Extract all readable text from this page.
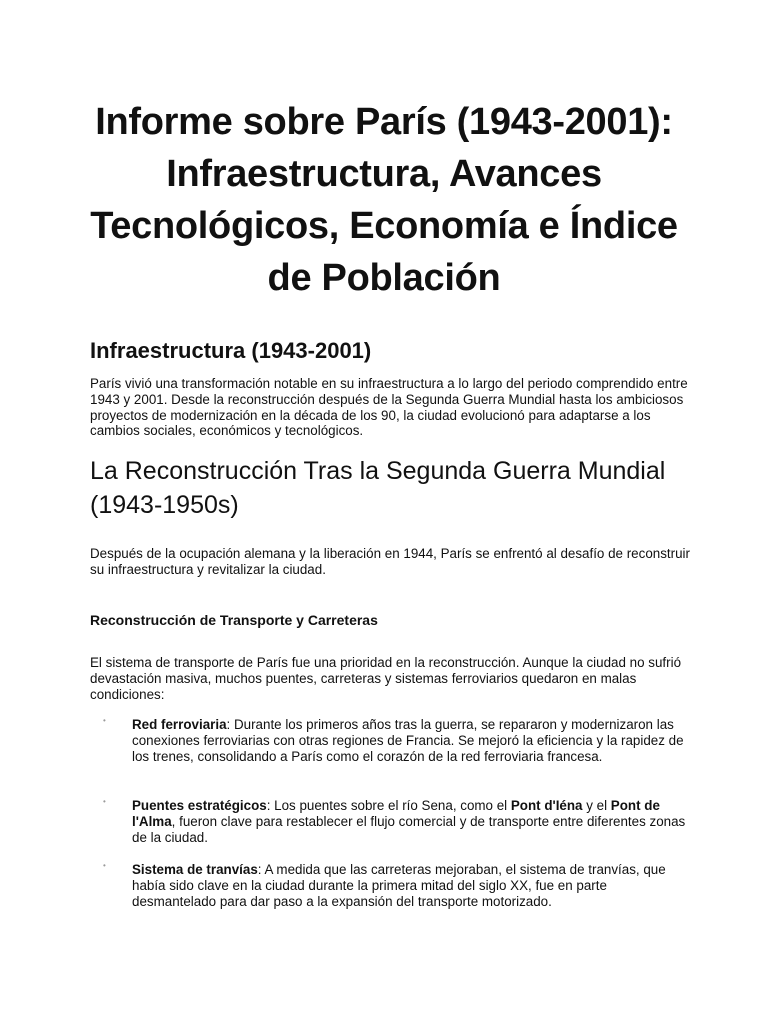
Informe sobre París (1943-2001): Infraestructura, Avances Tecnológicos, Economía e Índice de Población
Infraestructura (1943-2001)

París vivió una transformación notable en su infraestructura a lo largo del periodo comprendido entre 1943 y 2001. Desde la reconstrucción después de la Segunda Guerra Mundial hasta los ambiciosos proyectos de modernización en la década de los 90, la ciudad evolucionó para adaptarse a los cambios sociales, económicos y tecnológicos.

La Reconstrucción Tras la Segunda Guerra Mundial (1943-1950s)

Después de la ocupación alemana y la liberación en 1944, París se enfrentó al desafío de reconstruir su infraestructura y revitalizar la ciudad.

Reconstrucción de Transporte y Carreteras

El sistema de transporte de París fue una prioridad en la reconstrucción. Aunque la ciudad no sufrió devastación masiva, muchos puentes, carreteras y sistemas ferroviarios quedaron en malas condiciones:

• Red ferroviaria: Durante los primeros años tras la guerra, se repararon y modernizaron las conexiones ferroviarias con otras regiones de Francia. Se mejoró la eficiencia y la rapidez de los trenes, consolidando a París como el corazón de la red ferroviaria francesa.

• Puentes estratégicos: Los puentes sobre el río Sena, como el Pont d'Iéna y el Pont de l'Alma, fueron clave para restablecer el flujo comercial y de transporte entre diferentes zonas de la ciudad.

• Sistema de tranvías: A medida que las carreteras mejoraban, el sistema de tranvías, que había sido clave en la ciudad durante la primera mitad del siglo XX, fue en parte desmantelado para dar paso a la expansión del transporte motorizado.
